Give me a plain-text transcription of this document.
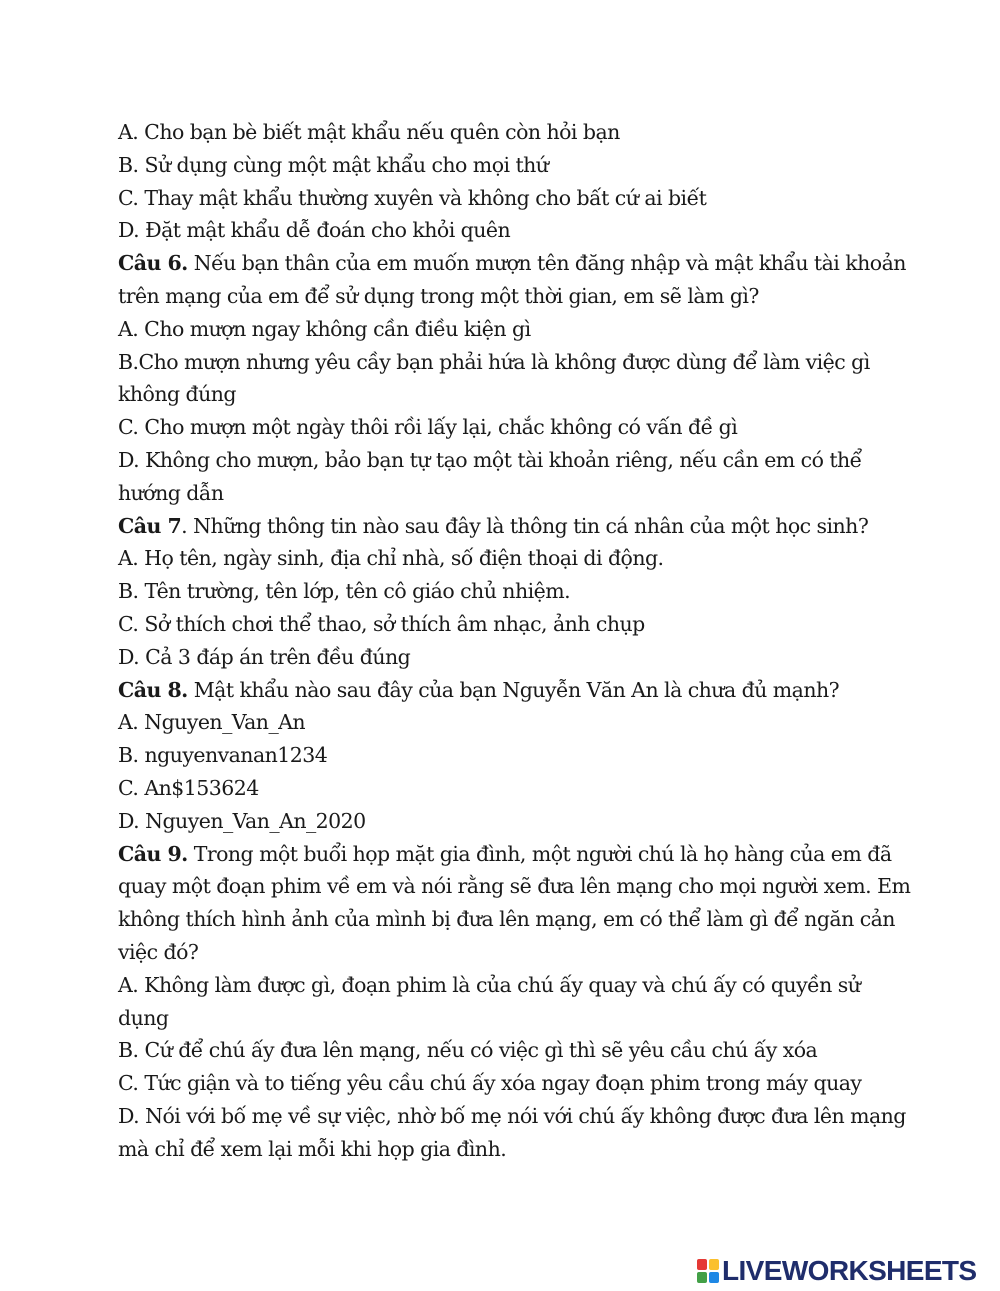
A. Cho bạn bè biết mật khẩu nếu quên còn hỏi bạn
B. Sử dụng cùng một mật khẩu cho mọi thứ
C. Thay mật khẩu thường xuyên và không cho bất cứ ai biết
D. Đặt mật khẩu dễ đoán cho khỏi quên
Câu 6. Nếu bạn thân của em muốn mượn tên đăng nhập và mật khẩu tài khoản
trên mạng của em để sử dụng trong một thời gian, em sẽ làm gì?
A. Cho mượn ngay không cần điều kiện gì
B.Cho mượn nhưng yêu cầy bạn phải hứa là không được dùng để làm việc gì
không đúng
C. Cho mượn một ngày thôi rồi lấy lại, chắc không có vấn đề gì
D. Không cho mượn, bảo bạn tự tạo một tài khoản riêng, nếu cần em có thể
hướng dẫn
Câu 7. Những thông tin nào sau đây là thông tin cá nhân của một học sinh?
A. Họ tên, ngày sinh, địa chỉ nhà, số điện thoại di động.
B. Tên trường, tên lớp, tên cô giáo chủ nhiệm.
C. Sở thích chơi thể thao, sở thích âm nhạc, ảnh chụp
D. Cả 3 đáp án trên đều đúng
Câu 8. Mật khẩu nào sau đây của bạn Nguyễn Văn An là chưa đủ mạnh?
A. Nguyen_Van_An
B. nguyenvanan1234
C. An$153624
D. Nguyen_Van_An_2020
Câu 9. Trong một buổi họp mặt gia đình, một người chú là họ hàng của em đã
quay một đoạn phim về em và nói rằng sẽ đưa lên mạng cho mọi người xem. Em
không thích hình ảnh của mình bị đưa lên mạng, em có thể làm gì để ngăn cản
việc đó?
A. Không làm được gì, đoạn phim là của chú ấy quay và chú ấy có quyền sử
dụng
B. Cứ để chú ấy đưa lên mạng, nếu có việc gì thì sẽ yêu cầu chú ấy xóa
C. Tức giận và to tiếng yêu cầu chú ấy xóa ngay đoạn phim trong máy quay
D. Nói với bố mẹ về sự việc, nhờ bố mẹ nói với chú ấy không được đưa lên mạng
mà chỉ để xem lại mỗi khi họp gia đình.
LIVEWORKSHEETS
